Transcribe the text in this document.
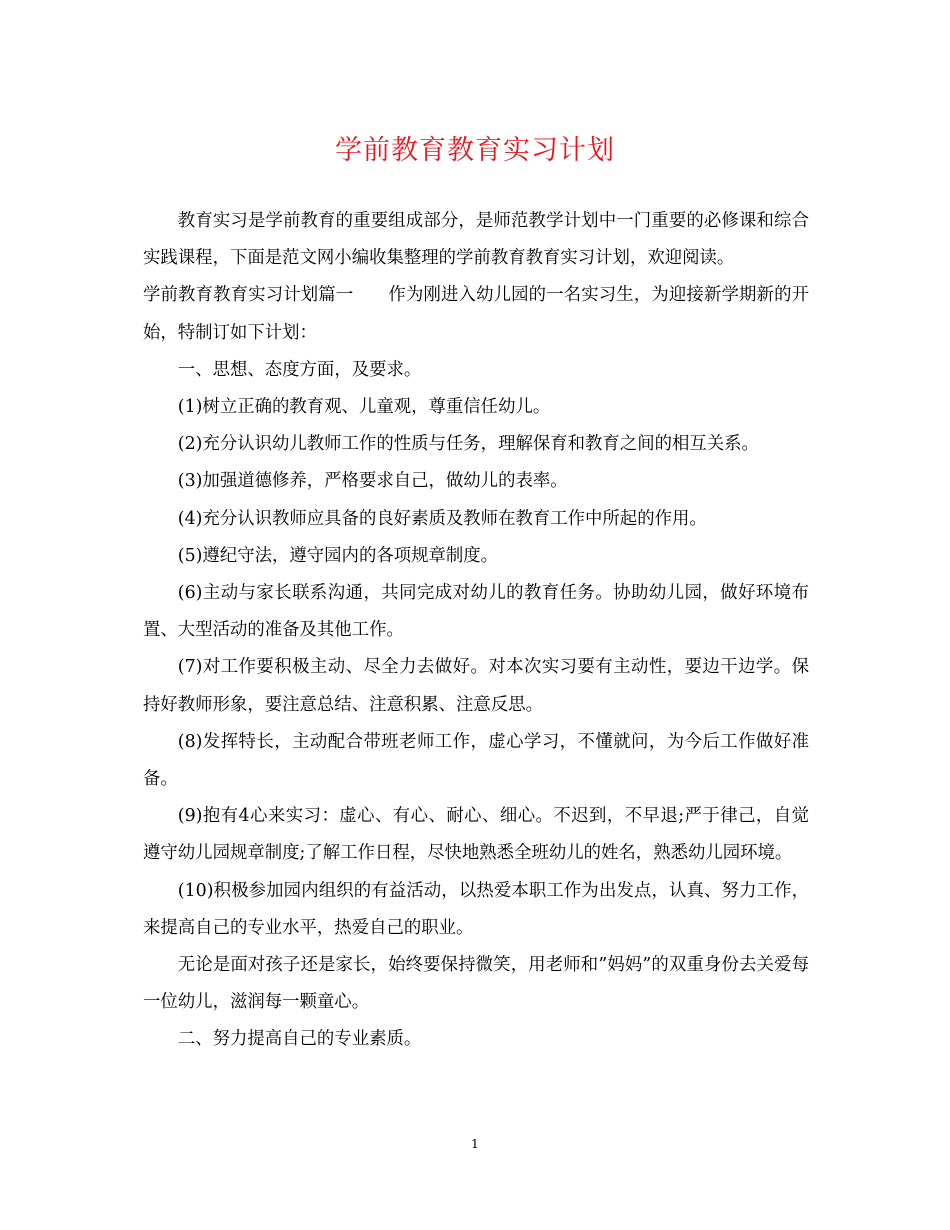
学前教育教育实习计划

教育实习是学前教育的重要组成部分，是师范教学计划中一门重要的必修课和综合实践课程，下面是范文网小编收集整理的学前教育教育实习计划，欢迎阅读。

学前教育教育实习计划篇一　　作为刚进入幼儿园的一名实习生，为迎接新学期新的开始，特制订如下计划：

一、思想、态度方面，及要求。

(1)树立正确的教育观、儿童观，尊重信任幼儿。

(2)充分认识幼儿教师工作的性质与任务，理解保育和教育之间的相互关系。

(3)加强道德修养，严格要求自己，做幼儿的表率。

(4)充分认识教师应具备的良好素质及教师在教育工作中所起的作用。

(5)遵纪守法，遵守园内的各项规章制度。

(6)主动与家长联系沟通，共同完成对幼儿的教育任务。协助幼儿园，做好环境布置、大型活动的准备及其他工作。

(7)对工作要积极主动、尽全力去做好。对本次实习要有主动性，要边干边学。保持好教师形象，要注意总结、注意积累、注意反思。

(8)发挥特长，主动配合带班老师工作，虚心学习，不懂就问，为今后工作做好准备。

(9)抱有4心来实习：虚心、有心、耐心、细心。不迟到，不早退;严于律己，自觉遵守幼儿园规章制度;了解工作日程，尽快地熟悉全班幼儿的姓名，熟悉幼儿园环境。

(10)积极参加园内组织的有益活动，以热爱本职工作为出发点，认真、努力工作，来提高自己的专业水平，热爱自己的职业。

无论是面对孩子还是家长，始终要保持微笑，用老师和”妈妈”的双重身份去关爱每一位幼儿，滋润每一颗童心。

二、努力提高自己的专业素质。

1
